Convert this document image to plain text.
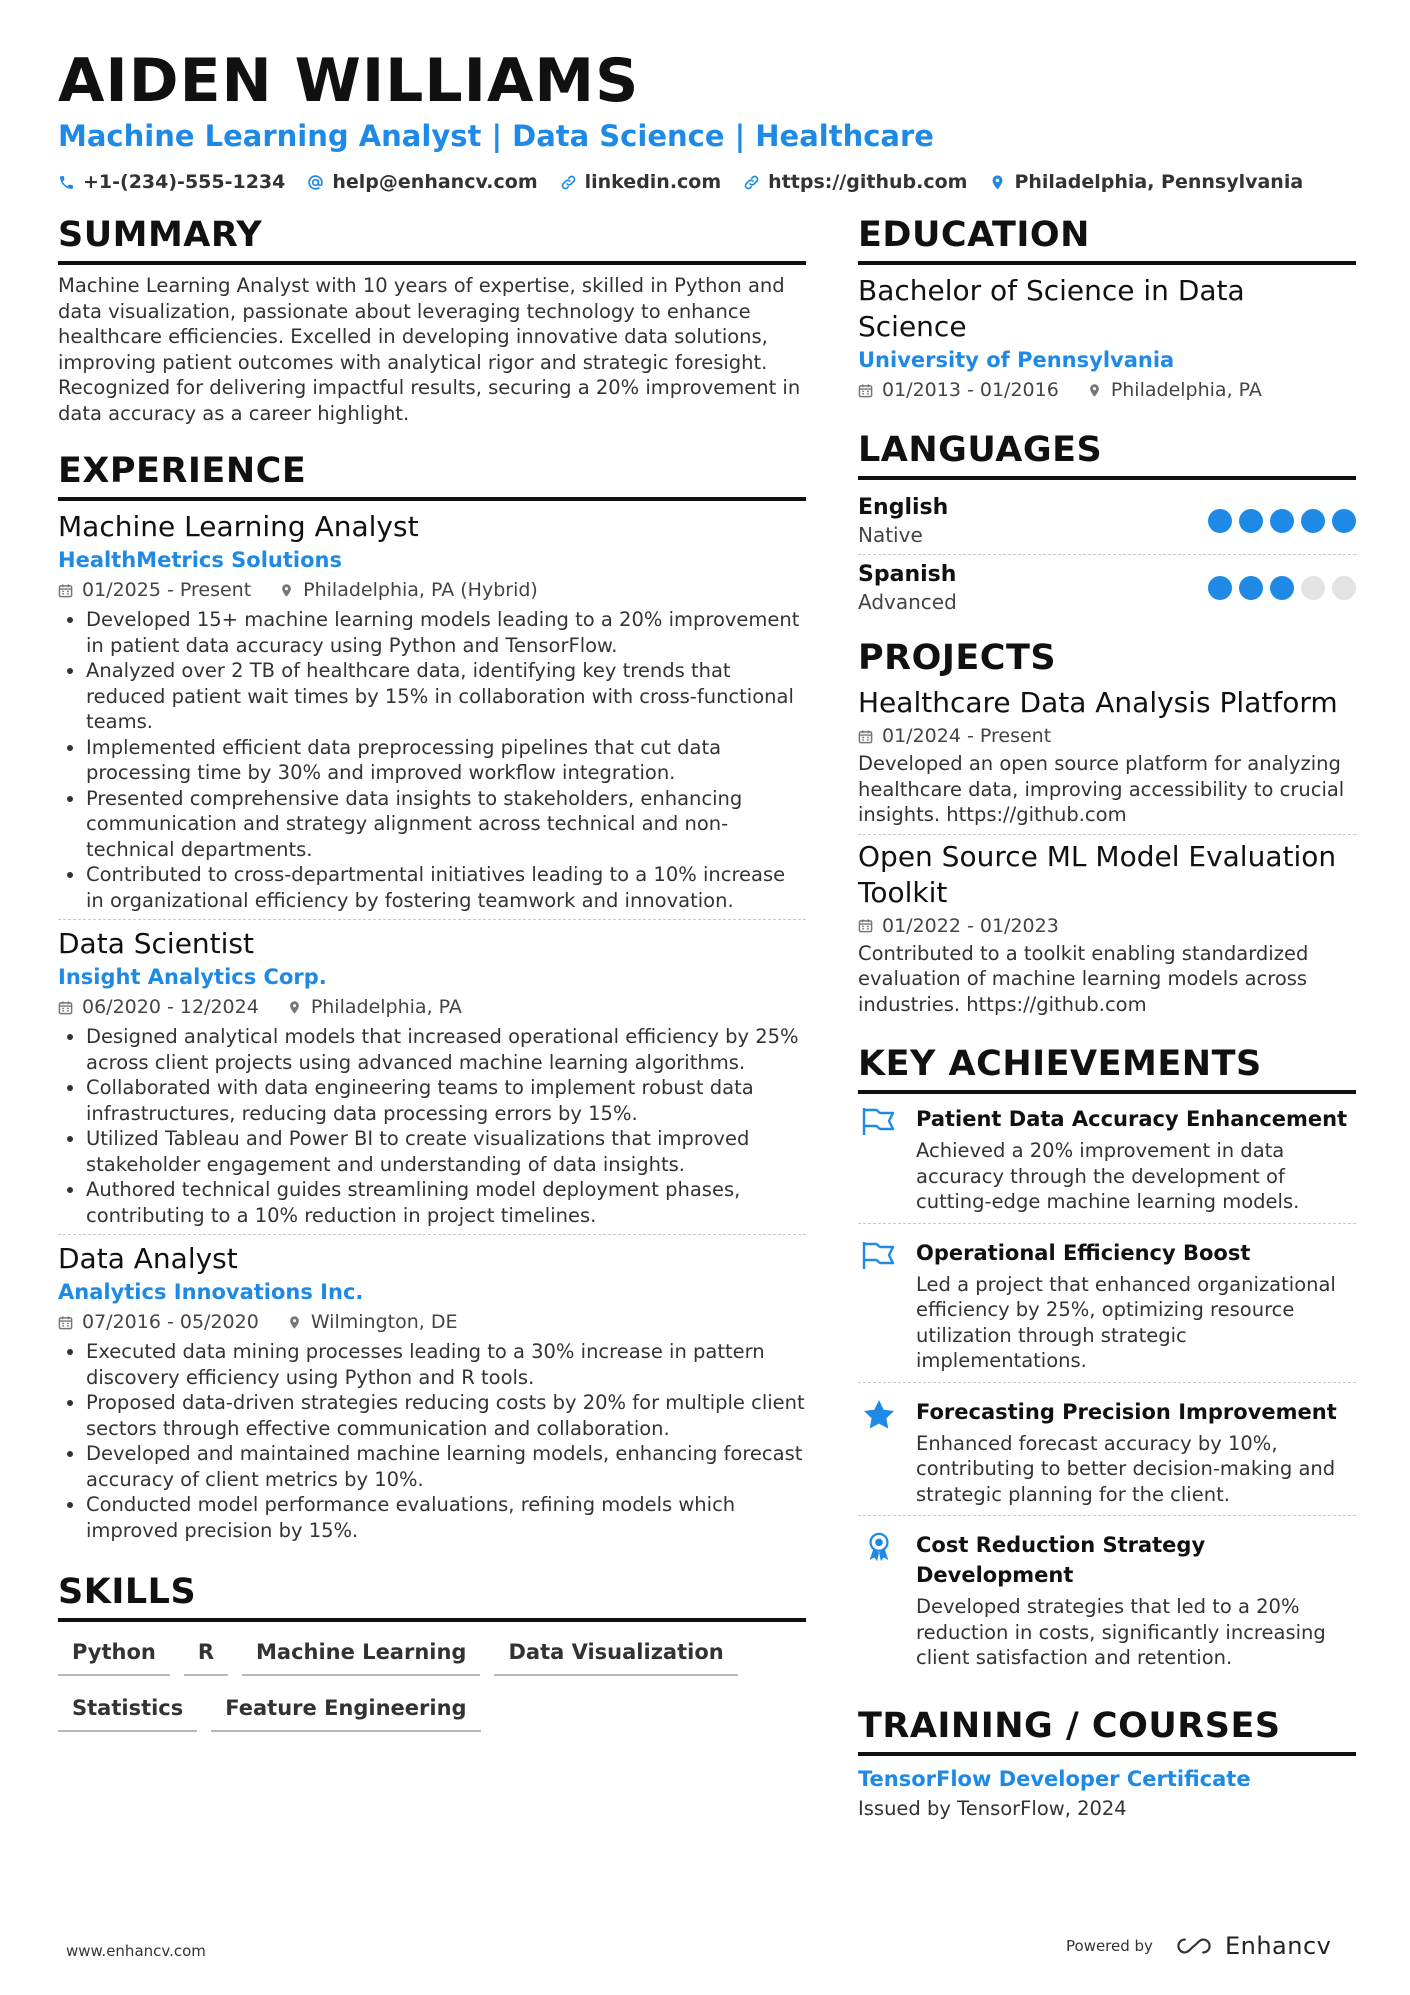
AIDEN WILLIAMS
Machine Learning Analyst | Data Science | Healthcare
+1-(234)-555-1234 help@enhancv.com linkedin.com https://github.com Philadelphia, Pennsylvania
SUMMARY

Machine Learning Analyst with 10 years of expertise, skilled in Python and data visualization, passionate about leveraging technology to enhance healthcare efficiencies. Excelled in developing innovative data solutions, improving patient outcomes with analytical rigor and strategic foresight. Recognized for delivering impactful results, securing a 20% improvement in data accuracy as a career highlight.

EXPERIENCE
Machine Learning Analyst
HealthMetrics Solutions
01/2025 - Present	Philadelphia, PA (Hybrid)
• Developed 15+ machine learning models leading to a 20% improvement in patient data accuracy using Python and TensorFlow.
• Analyzed over 2 TB of healthcare data, identifying key trends that reduced patient wait times by 15% in collaboration with cross-functional teams.
• Implemented efficient data preprocessing pipelines that cut data processing time by 30% and improved workflow integration.
• Presented comprehensive data insights to stakeholders, enhancing communication and strategy alignment across technical and non-technical departments.
• Contributed to cross-departmental initiatives leading to a 10% increase in organizational efficiency by fostering teamwork and innovation.
Data Scientist
Insight Analytics Corp.
06/2020 - 12/2024	Philadelphia, PA
• Designed analytical models that increased operational efficiency by 25% across client projects using advanced machine learning algorithms.
• Collaborated with data engineering teams to implement robust data infrastructures, reducing data processing errors by 15%.
• Utilized Tableau and Power BI to create visualizations that improved stakeholder engagement and understanding of data insights.
• Authored technical guides streamlining model deployment phases, contributing to a 10% reduction in project timelines.
Data Analyst
Analytics Innovations Inc.
07/2016 - 05/2020	Wilmington, DE
• Executed data mining processes leading to a 30% increase in pattern discovery efficiency using Python and R tools.
• Proposed data-driven strategies reducing costs by 20% for multiple client sectors through effective communication and collaboration.
• Developed and maintained machine learning models, enhancing forecast accuracy of client metrics by 10%.
• Conducted model performance evaluations, refining models which improved precision by 15%.
SKILLS
Python	R	Machine Learning	Data Visualization
Statistics	Feature Engineering
EDUCATION
Bachelor of Science in Data Science
University of Pennsylvania
01/2013 - 01/2016	Philadelphia, PA
LANGUAGES
English
Native
Spanish
Advanced
PROJECTS
Healthcare Data Analysis Platform
01/2024 - Present
Developed an open source platform for analyzing healthcare data, improving accessibility to crucial insights. https://github.com
Open Source ML Model Evaluation Toolkit
01/2022 - 01/2023
Contributed to a toolkit enabling standardized evaluation of machine learning models across industries. https://github.com
KEY ACHIEVEMENTS
Patient Data Accuracy Enhancement
Achieved a 20% improvement in data accuracy through the development of cutting-edge machine learning models.
Operational Efficiency Boost
Led a project that enhanced organizational efficiency by 25%, optimizing resource utilization through strategic implementations.
Forecasting Precision Improvement
Enhanced forecast accuracy by 10%, contributing to better decision-making and strategic planning for the client.
Cost Reduction Strategy Development
Developed strategies that led to a 20% reduction in costs, significantly increasing client satisfaction and retention.
TRAINING / COURSES
TensorFlow Developer Certificate
Issued by TensorFlow, 2024
www.enhancv.com	Powered by	Enhancv
